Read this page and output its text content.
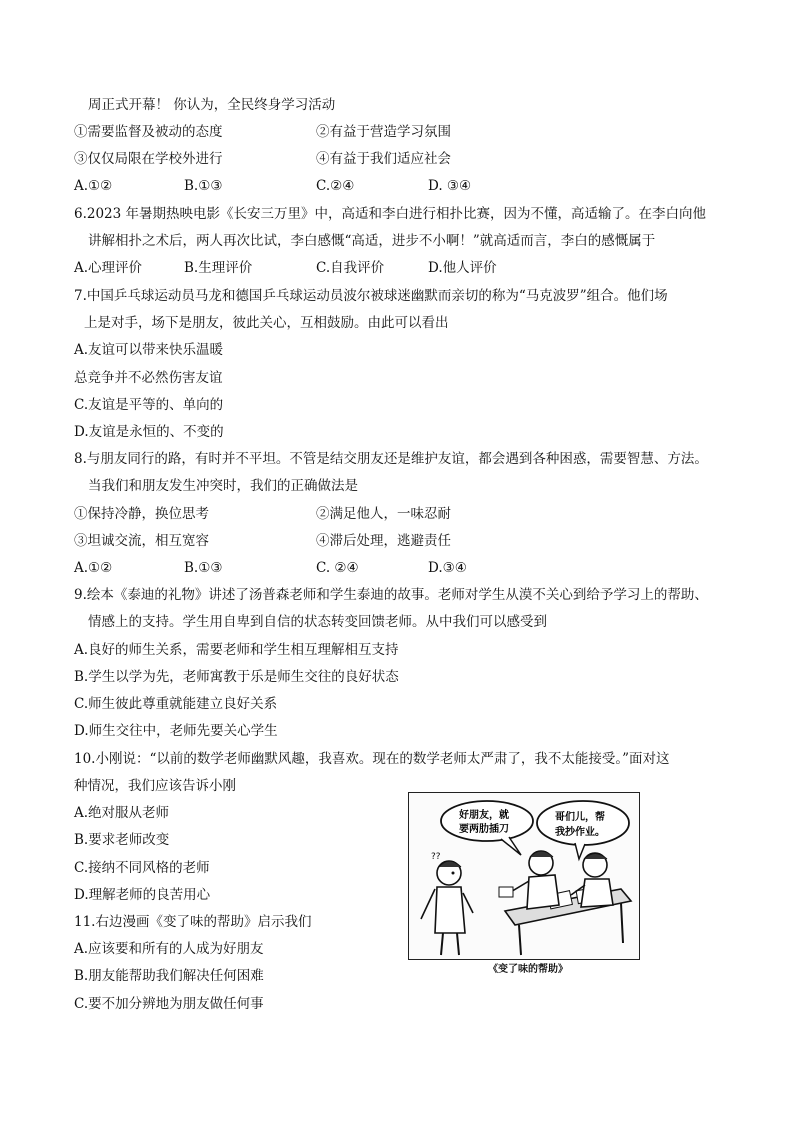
周正式开幕！ 你认为，全民终身学习活动
①需要监督及被动的态度	②有益于营造学习氛围
③仅仅局限在学校外进行	④有益于我们适应社会
A.①②	B.①③	C.②④	D. ③④
6.2023 年暑期热映电影《长安三万里》中，高适和李白进行相扑比赛，因为不懂，高适输了。在李白向他
讲解相扑之术后，两人再次比试，李白感慨“高适，进步不小啊！”就高适而言，李白的感慨属于
A.心理评价	B.生理评价	C.自我评价	D.他人评价
7.中国乒乓球运动员马龙和德国乒乓球运动员波尔被球迷幽默而亲切的称为“马克波罗”组合。他们场
上是对手，场下是朋友，彼此关心，互相鼓励。由此可以看出
A.友谊可以带来快乐温暖
总竞争并不必然伤害友谊
C.友谊是平等的、单向的
D.友谊是永恒的、不变的
8.与朋友同行的路，有时并不平坦。不管是结交朋友还是维护友谊，都会遇到各种困惑，需要智慧、方法。
当我们和朋友发生冲突时，我们的正确做法是
①保持冷静，换位思考	②满足他人，一味忍耐
③坦诚交流，相互宽容	④滞后处理，逃避责任
A.①②	B.①③	C. ②④	D.③④
9.绘本《泰迪的礼物》讲述了汤普森老师和学生泰迪的故事。老师对学生从漠不关心到给予学习上的帮助、
情感上的支持。学生用自卑到自信的状态转变回馈老师。从中我们可以感受到
A.良好的师生关系，需要老师和学生相互理解相互支持
B.学生以学为先，老师寓教于乐是师生交往的良好状态
C.师生彼此尊重就能建立良好关系
D.师生交往中，老师先要关心学生
10.小刚说：“以前的数学老师幽默风趣，我喜欢。现在的数学老师太严肃了，我不太能接受。”面对这
种情况，我们应该告诉小刚
A.绝对服从老师
B.要求老师改变
C.接纳不同风格的老师
D.理解老师的良苦用心
11.右边漫画《变了味的帮助》启示我们
A.应该要和所有的人成为好朋友
B.朋友能帮助我们解决任何困难
C.要不加分辨地为朋友做任何事
好朋友，就
要两肋插刀
哥们儿，帮
我抄作业。
??
《变了味的帮助》
